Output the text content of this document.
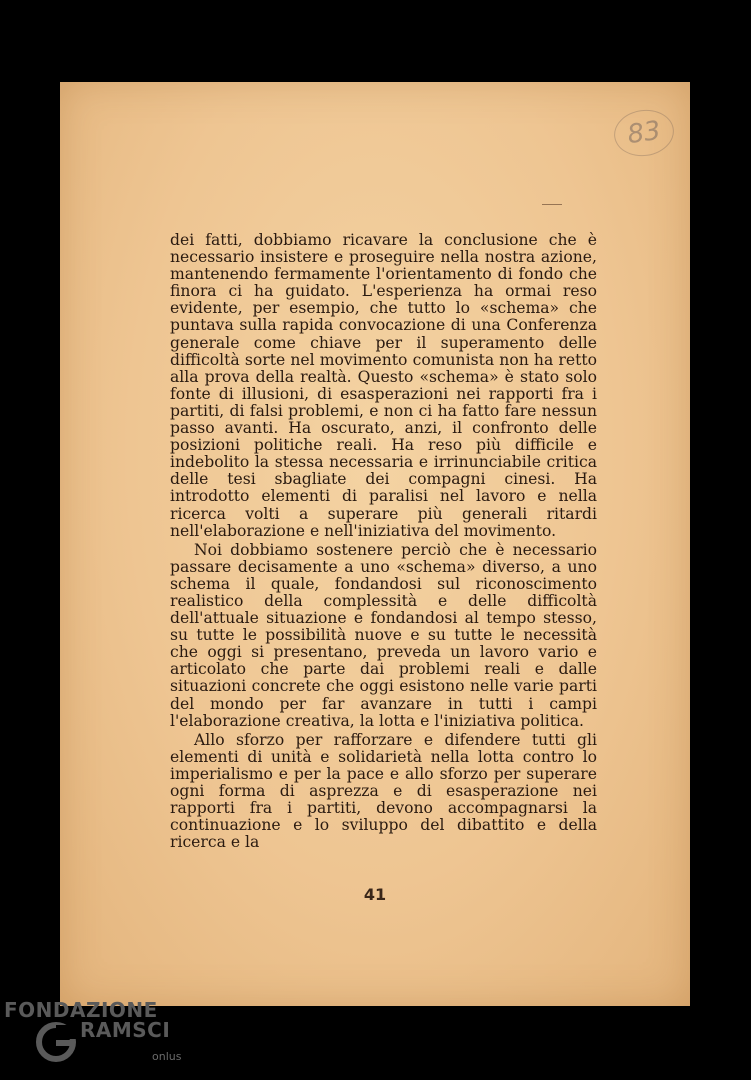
83

dei fatti, dobbiamo ricavare la conclusione che è necessario insistere e proseguire nella nostra azione, mantenendo fermamente l'orientamento di fondo che finora ci ha guidato. L'esperienza ha ormai reso evidente, per esempio, che tutto lo «schema» che puntava sulla rapida convocazione di una Conferenza generale come chiave per il superamento delle difficoltà sorte nel movimento comunista non ha retto alla prova della realtà. Questo «schema» è stato solo fonte di illusioni, di esasperazioni nei rapporti fra i partiti, di falsi problemi, e non ci ha fatto fare nessun passo avanti. Ha oscurato, anzi, il confronto delle posizioni politiche reali. Ha reso più difficile e indebolito la stessa necessaria e irrinunciabile critica delle tesi sbagliate dei compagni cinesi. Ha introdotto elementi di paralisi nel lavoro e nella ricerca volti a superare più generali ritardi nell'elaborazione e nell'iniziativa del movimento.

Noi dobbiamo sostenere perciò che è necessario passare decisamente a uno «schema» diverso, a uno schema il quale, fondandosi sul riconoscimento realistico della complessità e delle difficoltà dell'attuale situazione e fondandosi al tempo stesso, su tutte le possibilità nuove e su tutte le necessità che oggi si presentano, preveda un lavoro vario e articolato che parte dai problemi reali e dalle situazioni concrete che oggi esistono nelle varie parti del mondo per far avanzare in tutti i campi l'elaborazione creativa, la lotta e l'iniziativa politica.

Allo sforzo per rafforzare e difendere tutti gli elementi di unità e solidarietà nella lotta contro lo imperialismo e per la pace e allo sforzo per superare ogni forma di asprezza e di esasperazione nei rapporti fra i partiti, devono accompagnarsi la continuazione e lo sviluppo del dibattito e della ricerca e la

41
FONDAZIONE
RAMSCI
onlus
